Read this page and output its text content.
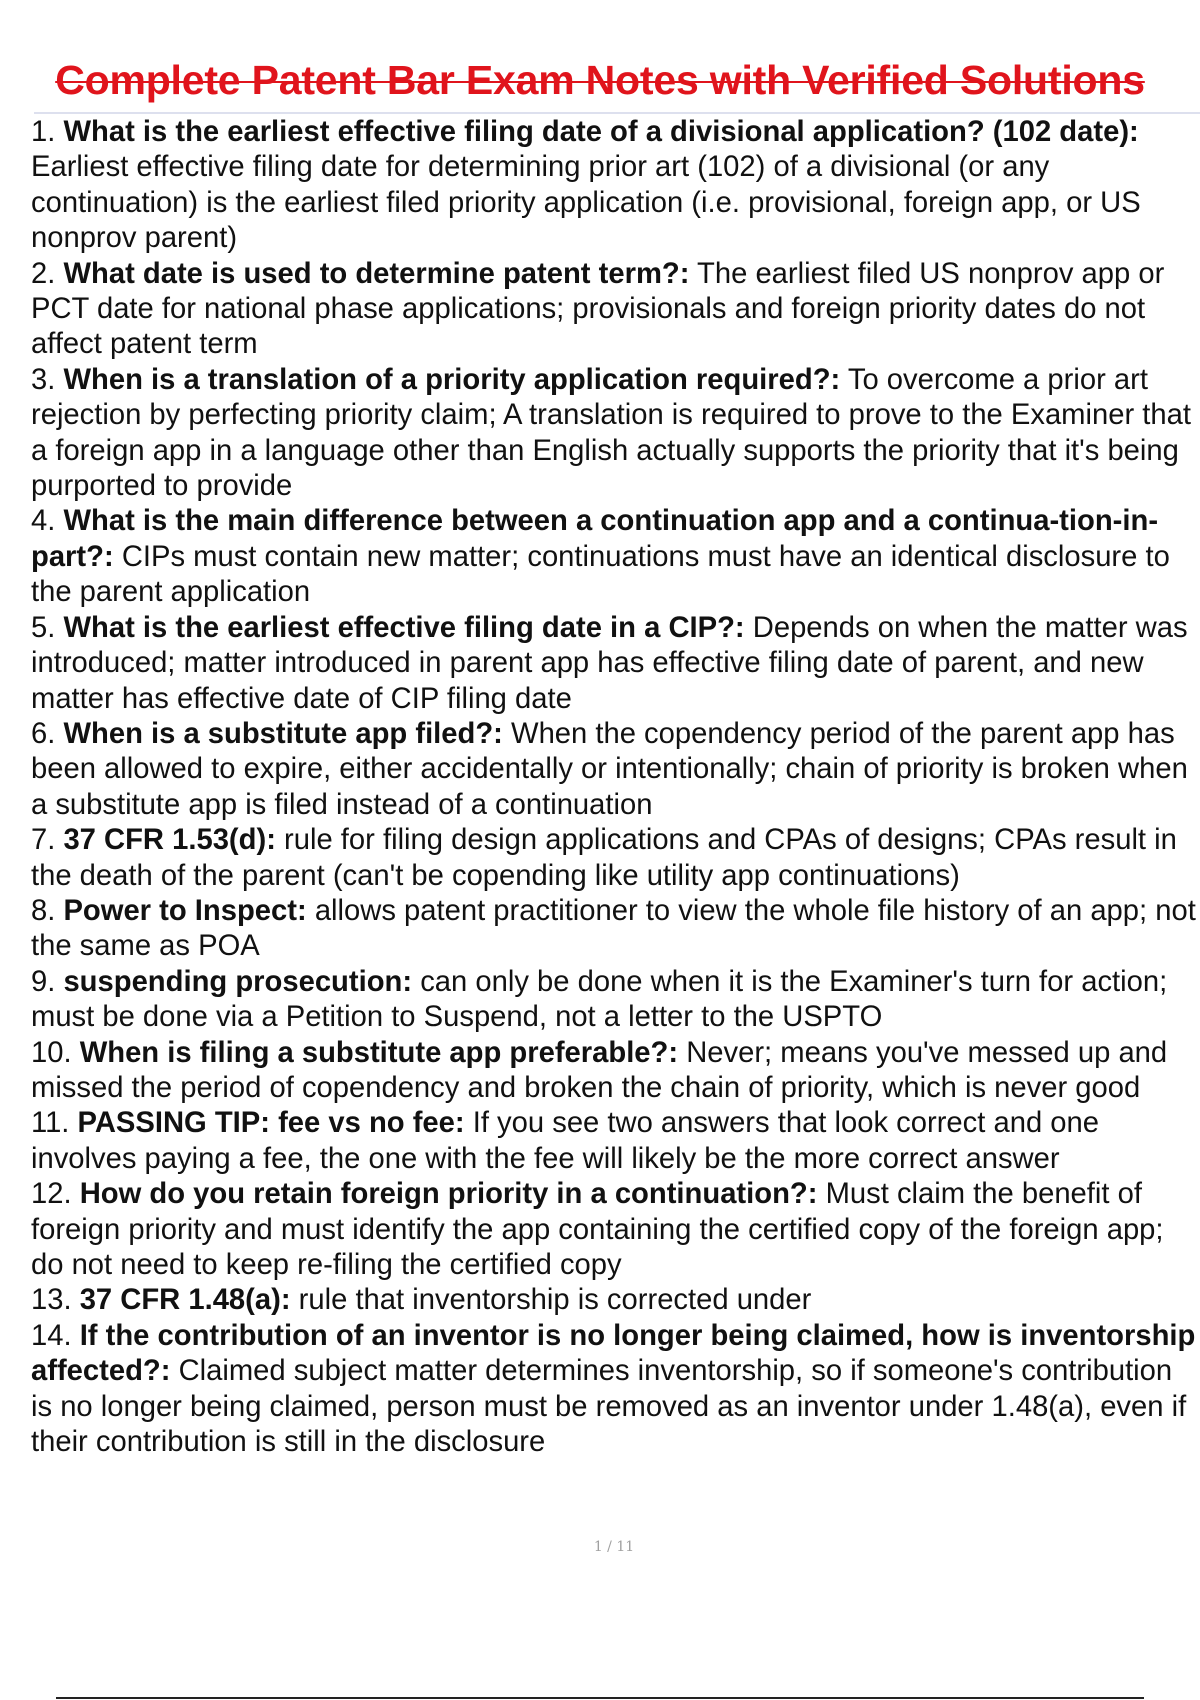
Complete Patent Bar Exam Notes with Verified Solutions

1. What is the earliest effective filing date of a divisional application? (102 date): Earliest effective filing date for determining prior art (102) of a divisional (or any continuation) is the earliest filed priority application (i.e. provisional, foreign app, or US nonprov parent)

2. What date is used to determine patent term?: The earliest filed US nonprov app or PCT date for national phase applications; provisionals and foreign priority dates do not affect patent term

3. When is a translation of a priority application required?: To overcome a prior art rejection by perfecting priority claim; A translation is required to prove to the Examiner that a foreign app in a language other than English actually supports the priority that it's being purported to provide

4. What is the main difference between a continuation app and a continua-tion-in-part?: CIPs must contain new matter; continuations must have an identical disclosure to the parent application

5. What is the earliest effective filing date in a CIP?: Depends on when the matter was introduced; matter introduced in parent app has effective filing date of parent, and new matter has effective date of CIP filing date

6. When is a substitute app filed?: When the copendency period of the parent app has been allowed to expire, either accidentally or intentionally; chain of priority is broken when a substitute app is filed instead of a continuation

7. 37 CFR 1.53(d): rule for filing design applications and CPAs of designs; CPAs result in the death of the parent (can't be copending like utility app continuations)

8. Power to Inspect: allows patent practitioner to view the whole file history of an app; not the same as POA

9. suspending prosecution: can only be done when it is the Examiner's turn for action; must be done via a Petition to Suspend, not a letter to the USPTO

10. When is filing a substitute app preferable?: Never; means you've messed up and missed the period of copendency and broken the chain of priority, which is never good

11. PASSING TIP: fee vs no fee: If you see two answers that look correct and one involves paying a fee, the one with the fee will likely be the more correct answer

12. How do you retain foreign priority in a continuation?: Must claim the benefit of foreign priority and must identify the app containing the certified copy of the foreign app; do not need to keep re-filing the certified copy

13. 37 CFR 1.48(a): rule that inventorship is corrected under

14. If the contribution of an inventor is no longer being claimed, how is inventorship affected?: Claimed subject matter determines inventorship, so if someone's contribution is no longer being claimed, person must be removed as an inventor under 1.48(a), even if their contribution is still in the disclosure

1 / 11
